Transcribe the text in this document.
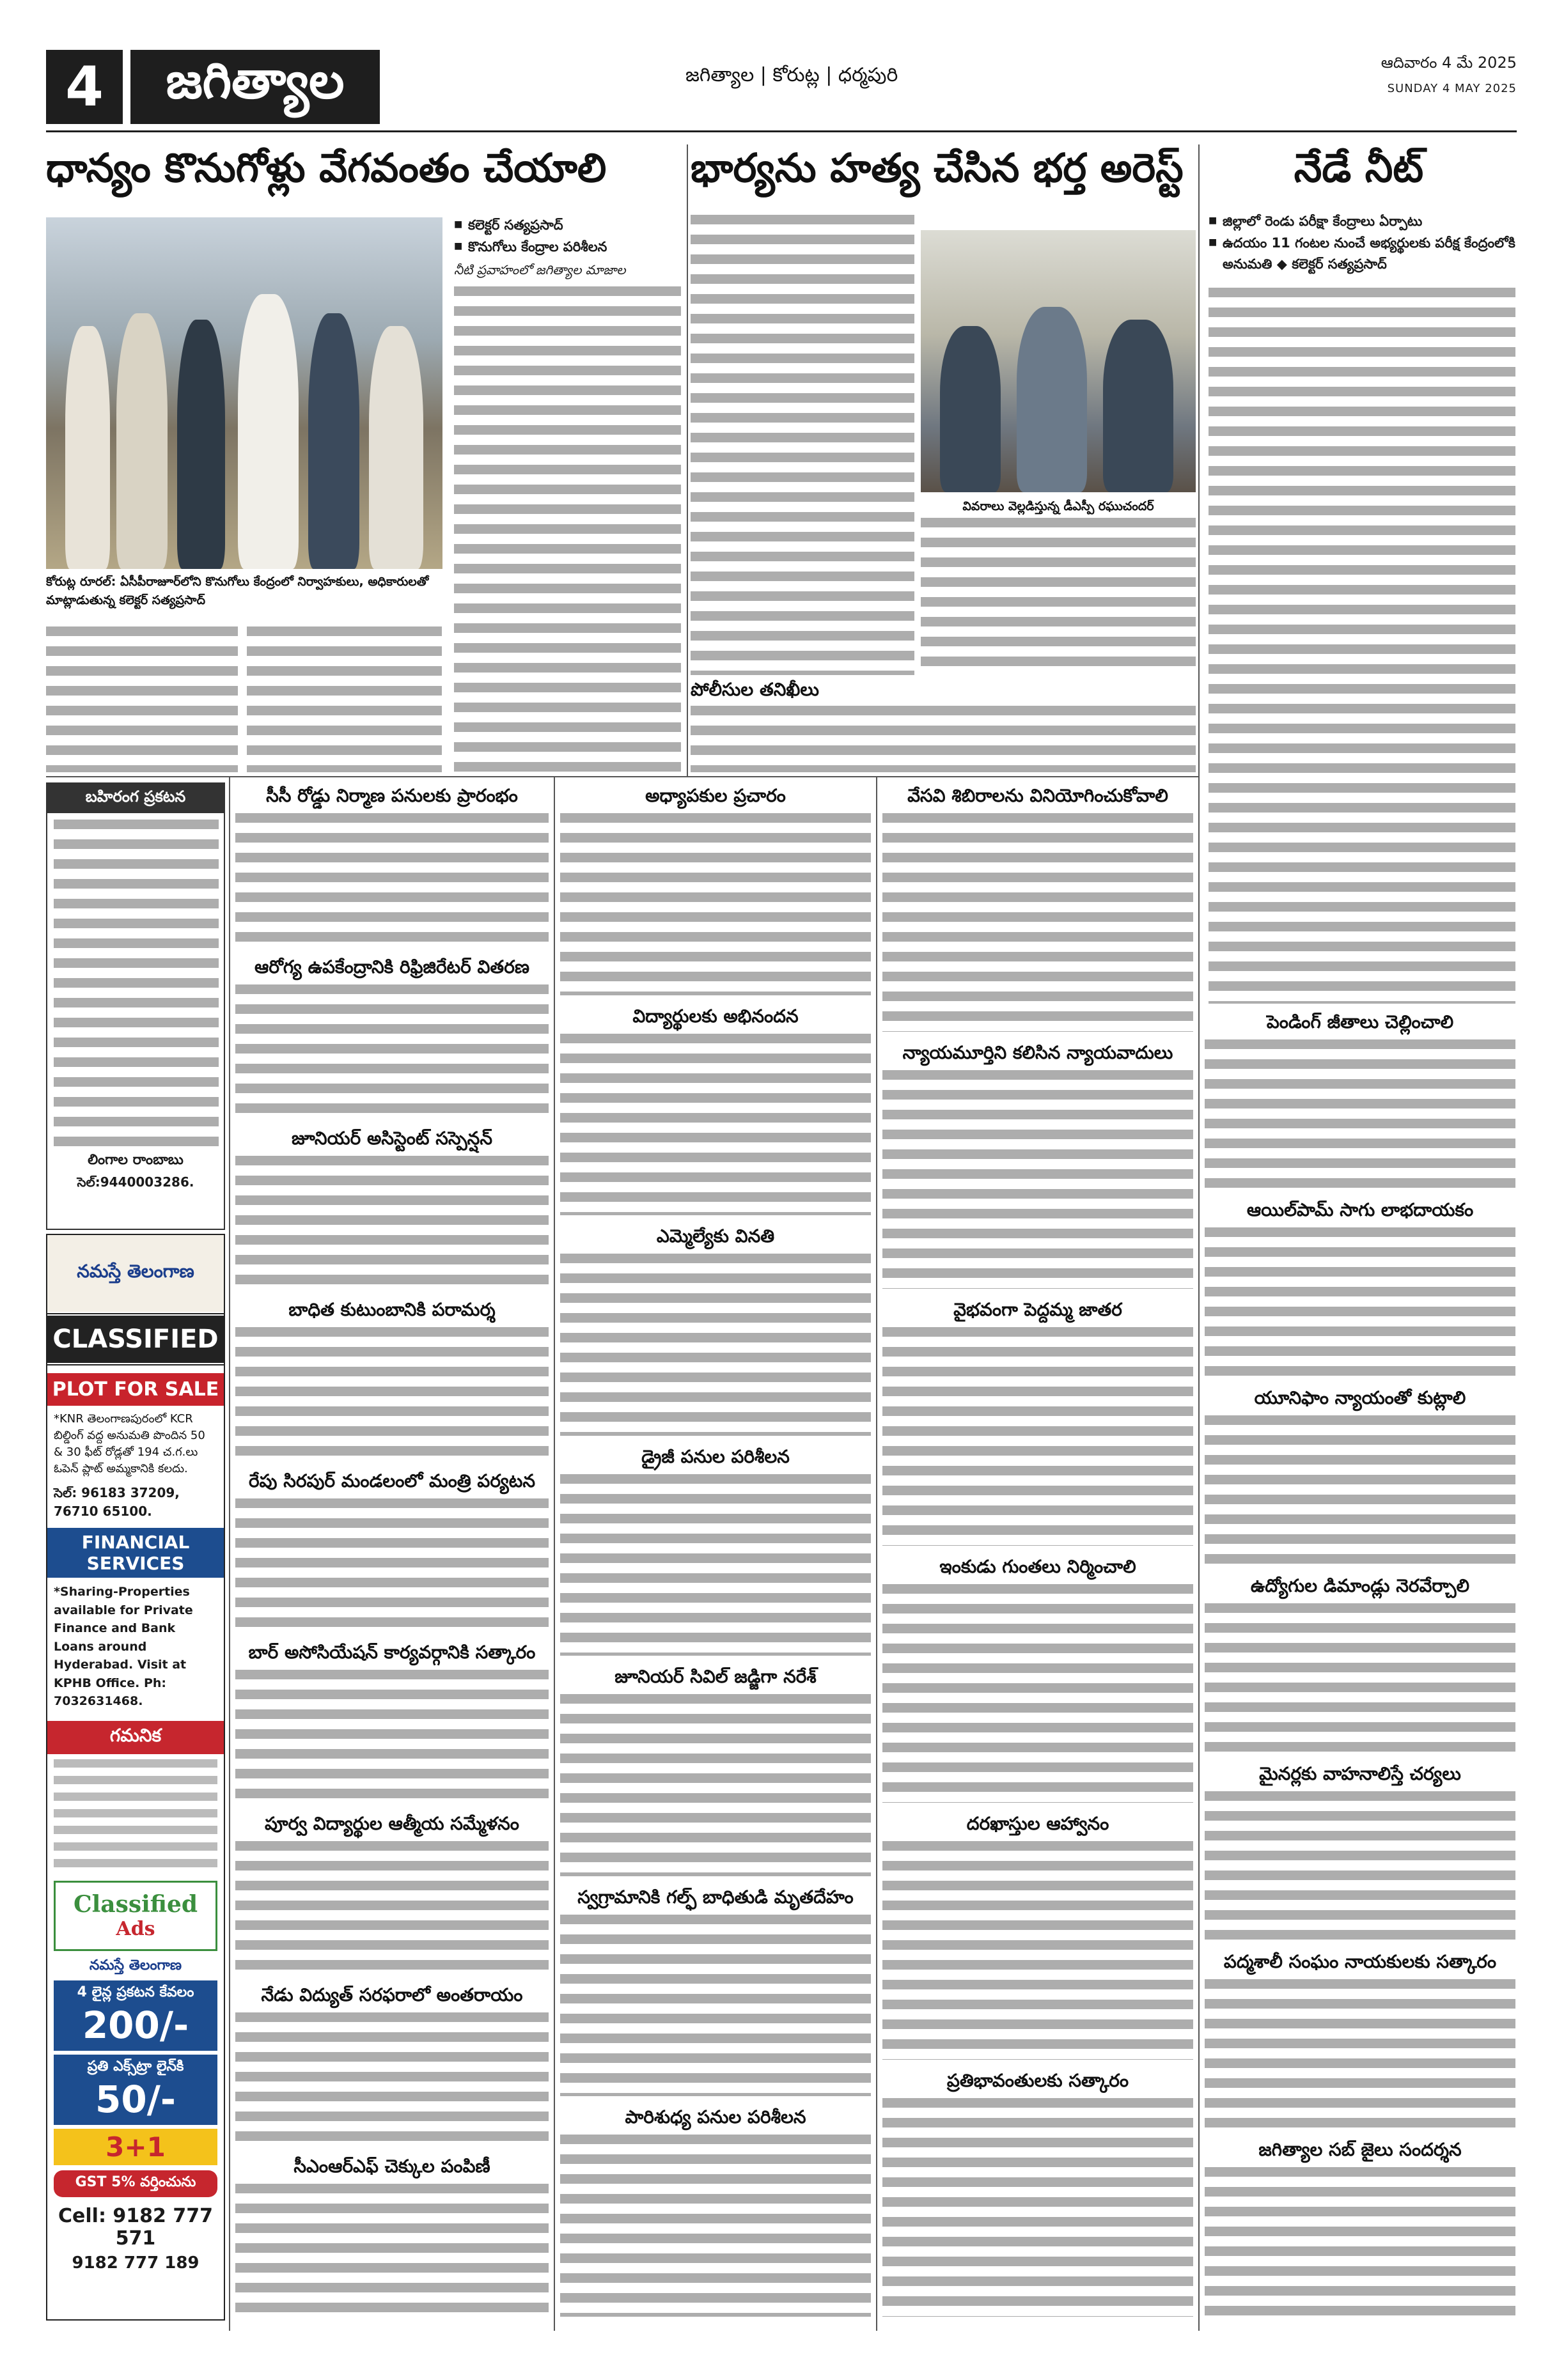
4	జగిత్యాల	జగిత్యాల | కోరుట్ల | ధర్మపురి
ఆదివారం 4 మే 2025
SUNDAY 4 MAY 2025
ధాన్యం కొనుగోళ్లు వేగవంతం చేయాలి	భార్యను హత్య చేసిన భర్త అరెస్ట్	నేడే నీట్
కోరుట్ల రూరల్: ఏసీపీరాజూర్‌లోని కొనుగోలు కేంద్రంలో నిర్వాహకులు, అధికారులతో మాట్లాడుతున్న కలెక్టర్ సత్యప్రసాద్
■ కలెక్టర్ సత్యప్రసాద్
■ కొనుగోలు కేంద్రాల పరిశీలన
నీటి ప్రవాహంలో జగిత్యాల మాజాల
వివరాలు వెల్లడిస్తున్న డీఎస్పీ రఘుచందర్
పోలీసుల తనిఖీలు
■ జిల్లాలో రెండు పరీక్షా కేంద్రాలు ఏర్పాటు
■ ఉదయం 11 గంటల నుంచే అభ్యర్థులకు పరీక్ష కేంద్రంలోకి అనుమతి ◆ కలెక్టర్ సత్యప్రసాద్
బహిరంగ ప్రకటన
లింగాల రాంబాబు
సెల్:9440003286.
నమస్తే తెలంగాణ
CLASSIFIED
PLOT FOR SALE
*KNR తెలంగాణపురంలో KCR బిల్డింగ్ వద్ద అనుమతి పొందిన 50 & 30 ఫీట్ రోడ్లతో 194 చ.గ.లు ఓపెన్ ప్లాట్ అమ్మకానికి కలదు.
సెల్: 96183 37209, 76710 65100.
FINANCIAL SERVICES
*Sharing-Properties available for Private Finance and Bank Loans around Hyderabad. Visit at KPHB Office. Ph: 7032631468.
గమనిక
Classified
Ads
నమస్తే తెలంగాణ
4 లైన్ల ప్రకటన కేవలం
200/-
ప్రతి ఎక్స్‌ట్రా లైన్‌కి
50/-
3+1
GST 5% వర్తించును
Cell: 9182 777 571
9182 777 189
సీసీ రోడ్డు నిర్మాణ పనులకు ప్రారంభం
ఆరోగ్య ఉపకేంద్రానికి రిఫ్రిజిరేటర్ వితరణ
జూనియర్ అసిస్టెంట్ సస్పెన్షన్
బాధిత కుటుంబానికి పరామర్శ
రేపు సిరపుర్ మండలంలో మంత్రి పర్యటన
బార్ అసోసియేషన్ కార్యవర్గానికి సత్కారం
పూర్వ విద్యార్థుల ఆత్మీయ సమ్మేళనం
నేడు విద్యుత్ సరఫరాలో అంతరాయం
సీఎంఆర్ఎఫ్ చెక్కుల పంపిణీ
అధ్యాపకుల ప్రచారం
విద్యార్థులకు అభినందన
ఎమ్మెల్యేకు వినతి
డ్రైజీ పనుల పరిశీలన
జూనియర్ సివిల్ జడ్జిగా నరేశ్
స్వగ్రామానికి గల్ఫ్ బాధితుడి మృతదేహం
పారిశుధ్య పనుల పరిశీలన
వేసవి శిబిరాలను వినియోగించుకోవాలి
న్యాయమూర్తిని కలిసిన న్యాయవాదులు
వైభవంగా పెద్దమ్మ జాతర
ఇంకుడు గుంతలు నిర్మించాలి
దరఖాస్తుల ఆహ్వానం
ప్రతిభావంతులకు సత్కారం
పెండింగ్ జీతాలు చెల్లించాలి
ఆయిల్‌పామ్ సాగు లాభదాయకం
యూనిఫాం న్యాయంతో కుట్లాలి
ఉద్యోగుల డిమాండ్లు నెరవేర్చాలి
మైనర్లకు వాహనాలిస్తే చర్యలు
పద్మశాలీ సంఘం నాయకులకు సత్కారం
జగిత్యాల సబ్ జైలు సందర్శన
